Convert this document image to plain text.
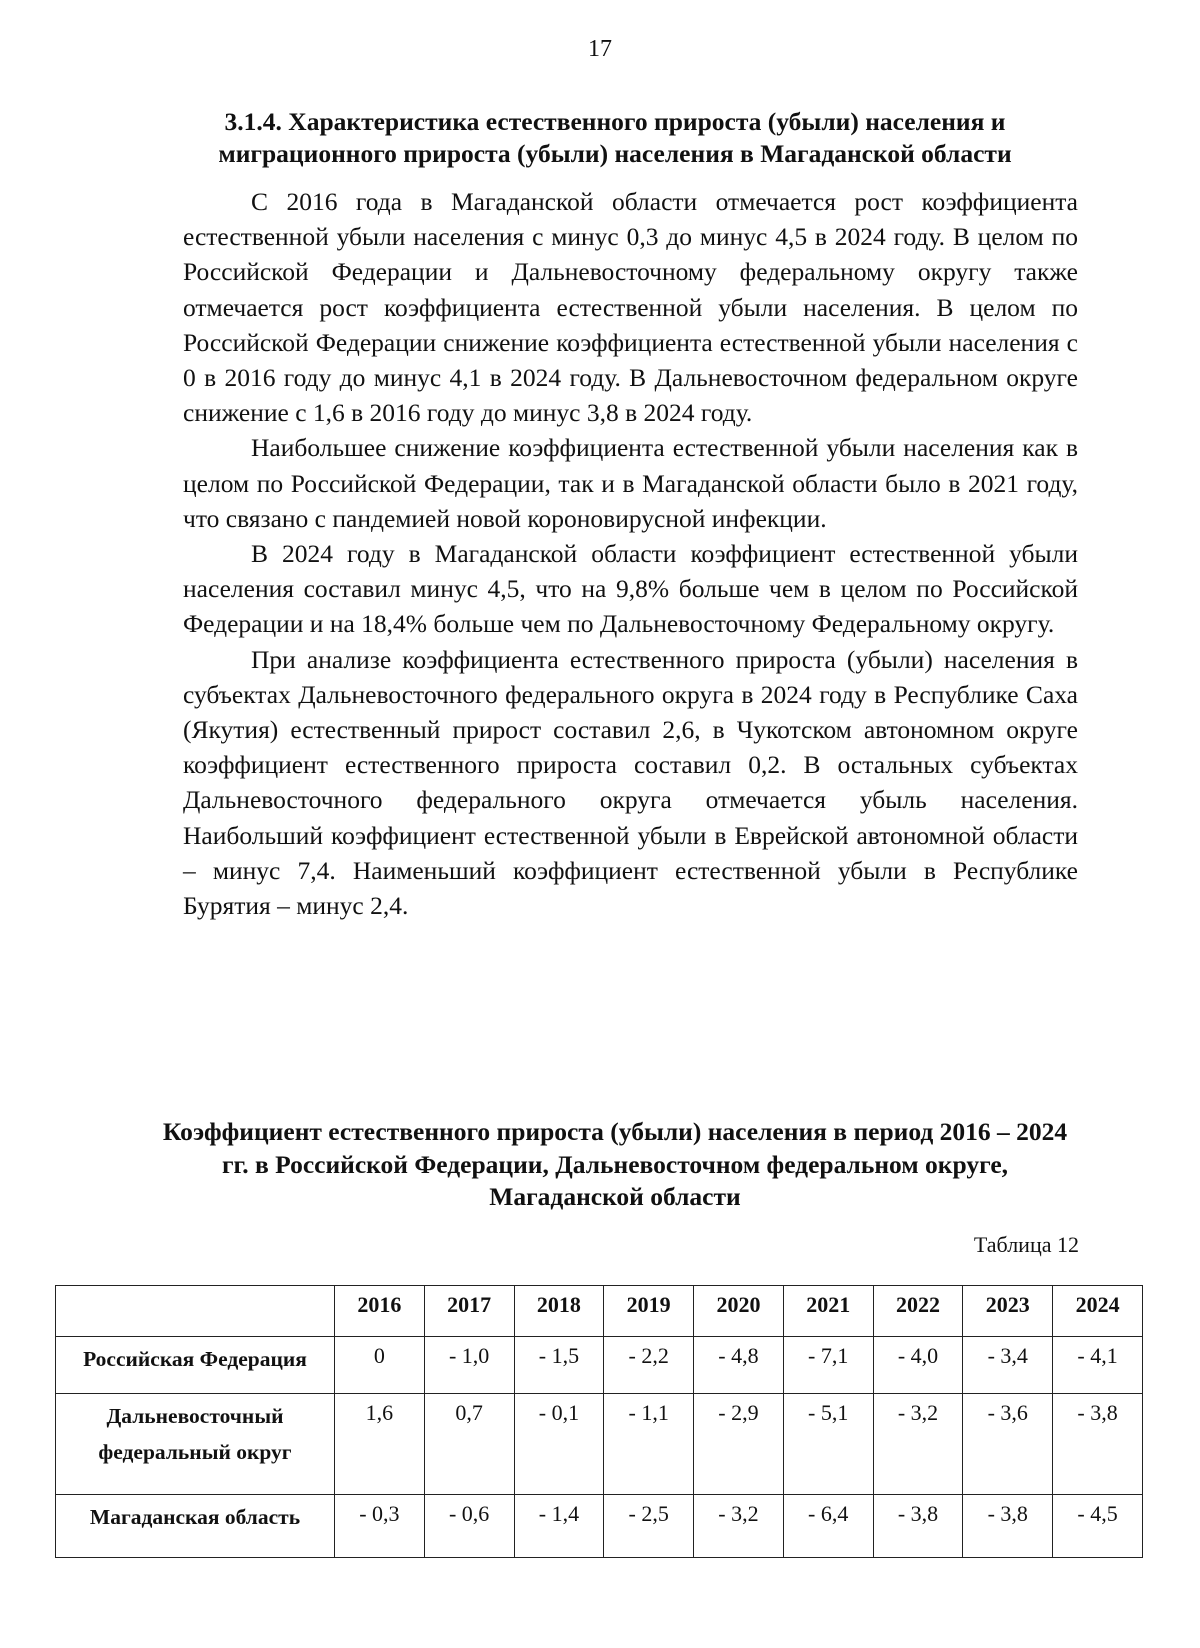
17
3.1.4. Характеристика естественного прироста (убыли) населения и миграционного прироста (убыли) населения в Магаданской области

С 2016 года в Магаданской области отмечается рост коэффициента естественной убыли населения с минус 0,3 до минус 4,5 в 2024 году. В целом по Российской Федерации и Дальневосточному федеральному округу также отмечается рост коэффициента естественной убыли населения. В целом по Российской Федерации снижение коэффициента естественной убыли населения с 0 в 2016 году до минус 4,1 в 2024 году. В Дальневосточном федеральном округе снижение с 1,6 в 2016 году до минус 3,8 в 2024 году.

Наибольшее снижение коэффициента естественной убыли населения как в целом по Российской Федерации, так и в Магаданской области было в 2021 году, что связано с пандемией новой короновирусной инфекции.

В 2024 году в Магаданской области коэффициент естественной убыли населения составил минус 4,5, что на 9,8% больше чем в целом по Российской Федерации и на 18,4% больше чем по Дальневосточному Федеральному округу.

При анализе коэффициента естественного прироста (убыли) населения в субъектах Дальневосточного федерального округа в 2024 году в Республике Саха (Якутия) естественный прирост составил 2,6, в Чукотском автономном округе коэффициент естественного прироста составил 0,2. В остальных субъектах Дальневосточного федерального округа отмечается убыль населения. Наибольший коэффициент естественной убыли в Еврейской автономной области – минус 7,4. Наименьший коэффициент естественной убыли в Республике Бурятия – минус 2,4.

Коэффициент естественного прироста (убыли) населения в период 2016 – 2024 гг. в Российской Федерации, Дальневосточном федеральном округе, Магаданской области
Таблица 12
	2016	2017	2018	2019	2020	2021	2022	2023	2024
Российская Федерация	0	- 1,0	- 1,5	- 2,2	- 4,8	- 7,1	- 4,0	- 3,4	- 4,1
Дальневосточный федеральный округ	1,6	0,7	- 0,1	- 1,1	- 2,9	- 5,1	- 3,2	- 3,6	- 3,8
Магаданская область	- 0,3	- 0,6	- 1,4	- 2,5	- 3,2	- 6,4	- 3,8	- 3,8	- 4,5
